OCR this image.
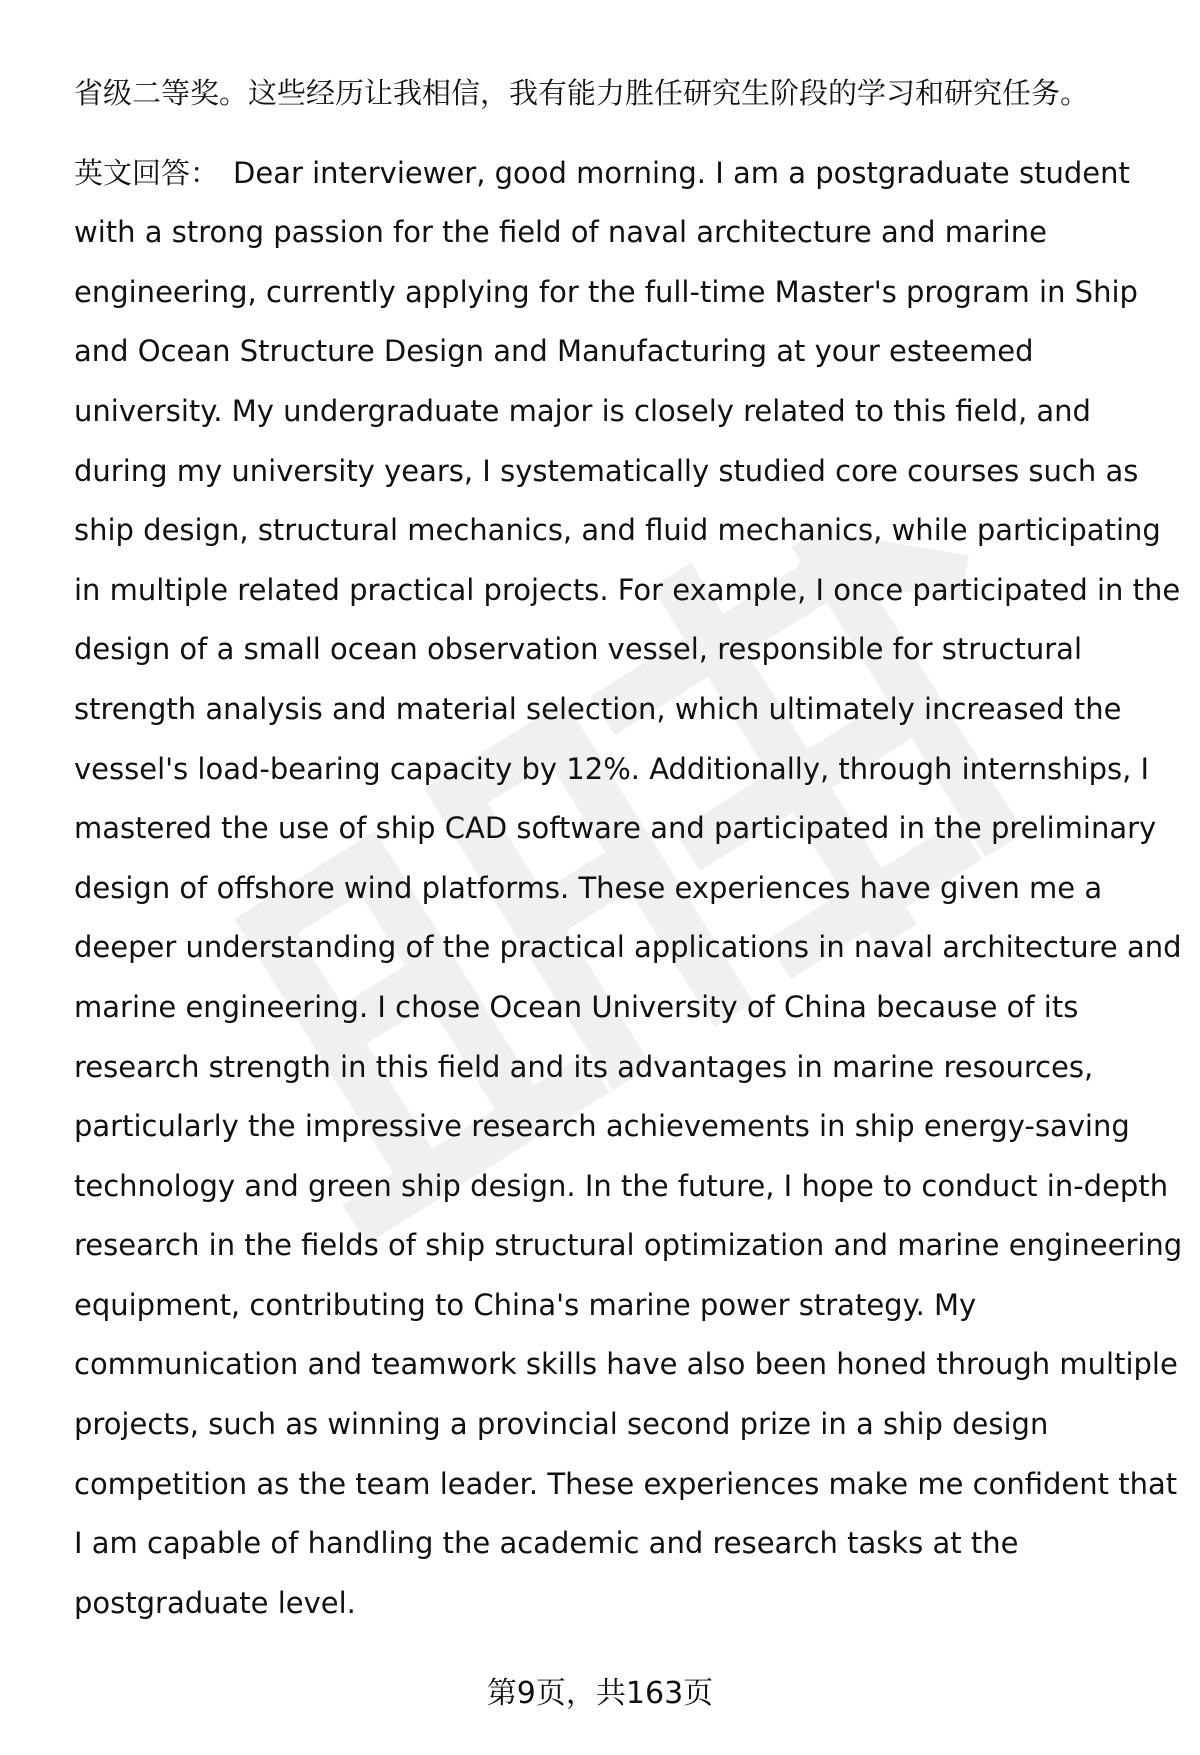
省级二等奖。这些经历让我相信，我有能力胜任研究生阶段的学习和研究任务。
英文回答： Dear interviewer, good morning. I am a postgraduate student
with a strong passion for the field of naval architecture and marine
engineering, currently applying for the full-time Master's program in Ship
and Ocean Structure Design and Manufacturing at your esteemed
university. My undergraduate major is closely related to this field, and
during my university years, I systematically studied core courses such as
ship design, structural mechanics, and fluid mechanics, while participating
in multiple related practical projects. For example, I once participated in the
design of a small ocean observation vessel, responsible for structural
strength analysis and material selection, which ultimately increased the
vessel's load-bearing capacity by 12%. Additionally, through internships, I
mastered the use of ship CAD software and participated in the preliminary
design of offshore wind platforms. These experiences have given me a
deeper understanding of the practical applications in naval architecture and
marine engineering. I chose Ocean University of China because of its
research strength in this field and its advantages in marine resources,
particularly the impressive research achievements in ship energy-saving
technology and green ship design. In the future, I hope to conduct in-depth
research in the fields of ship structural optimization and marine engineering
equipment, contributing to China's marine power strategy. My
communication and teamwork skills have also been honed through multiple
projects, such as winning a provincial second prize in a ship design
competition as the team leader. These experiences make me confident that
I am capable of handling the academic and research tasks at the
postgraduate level.
第9页，共163页
